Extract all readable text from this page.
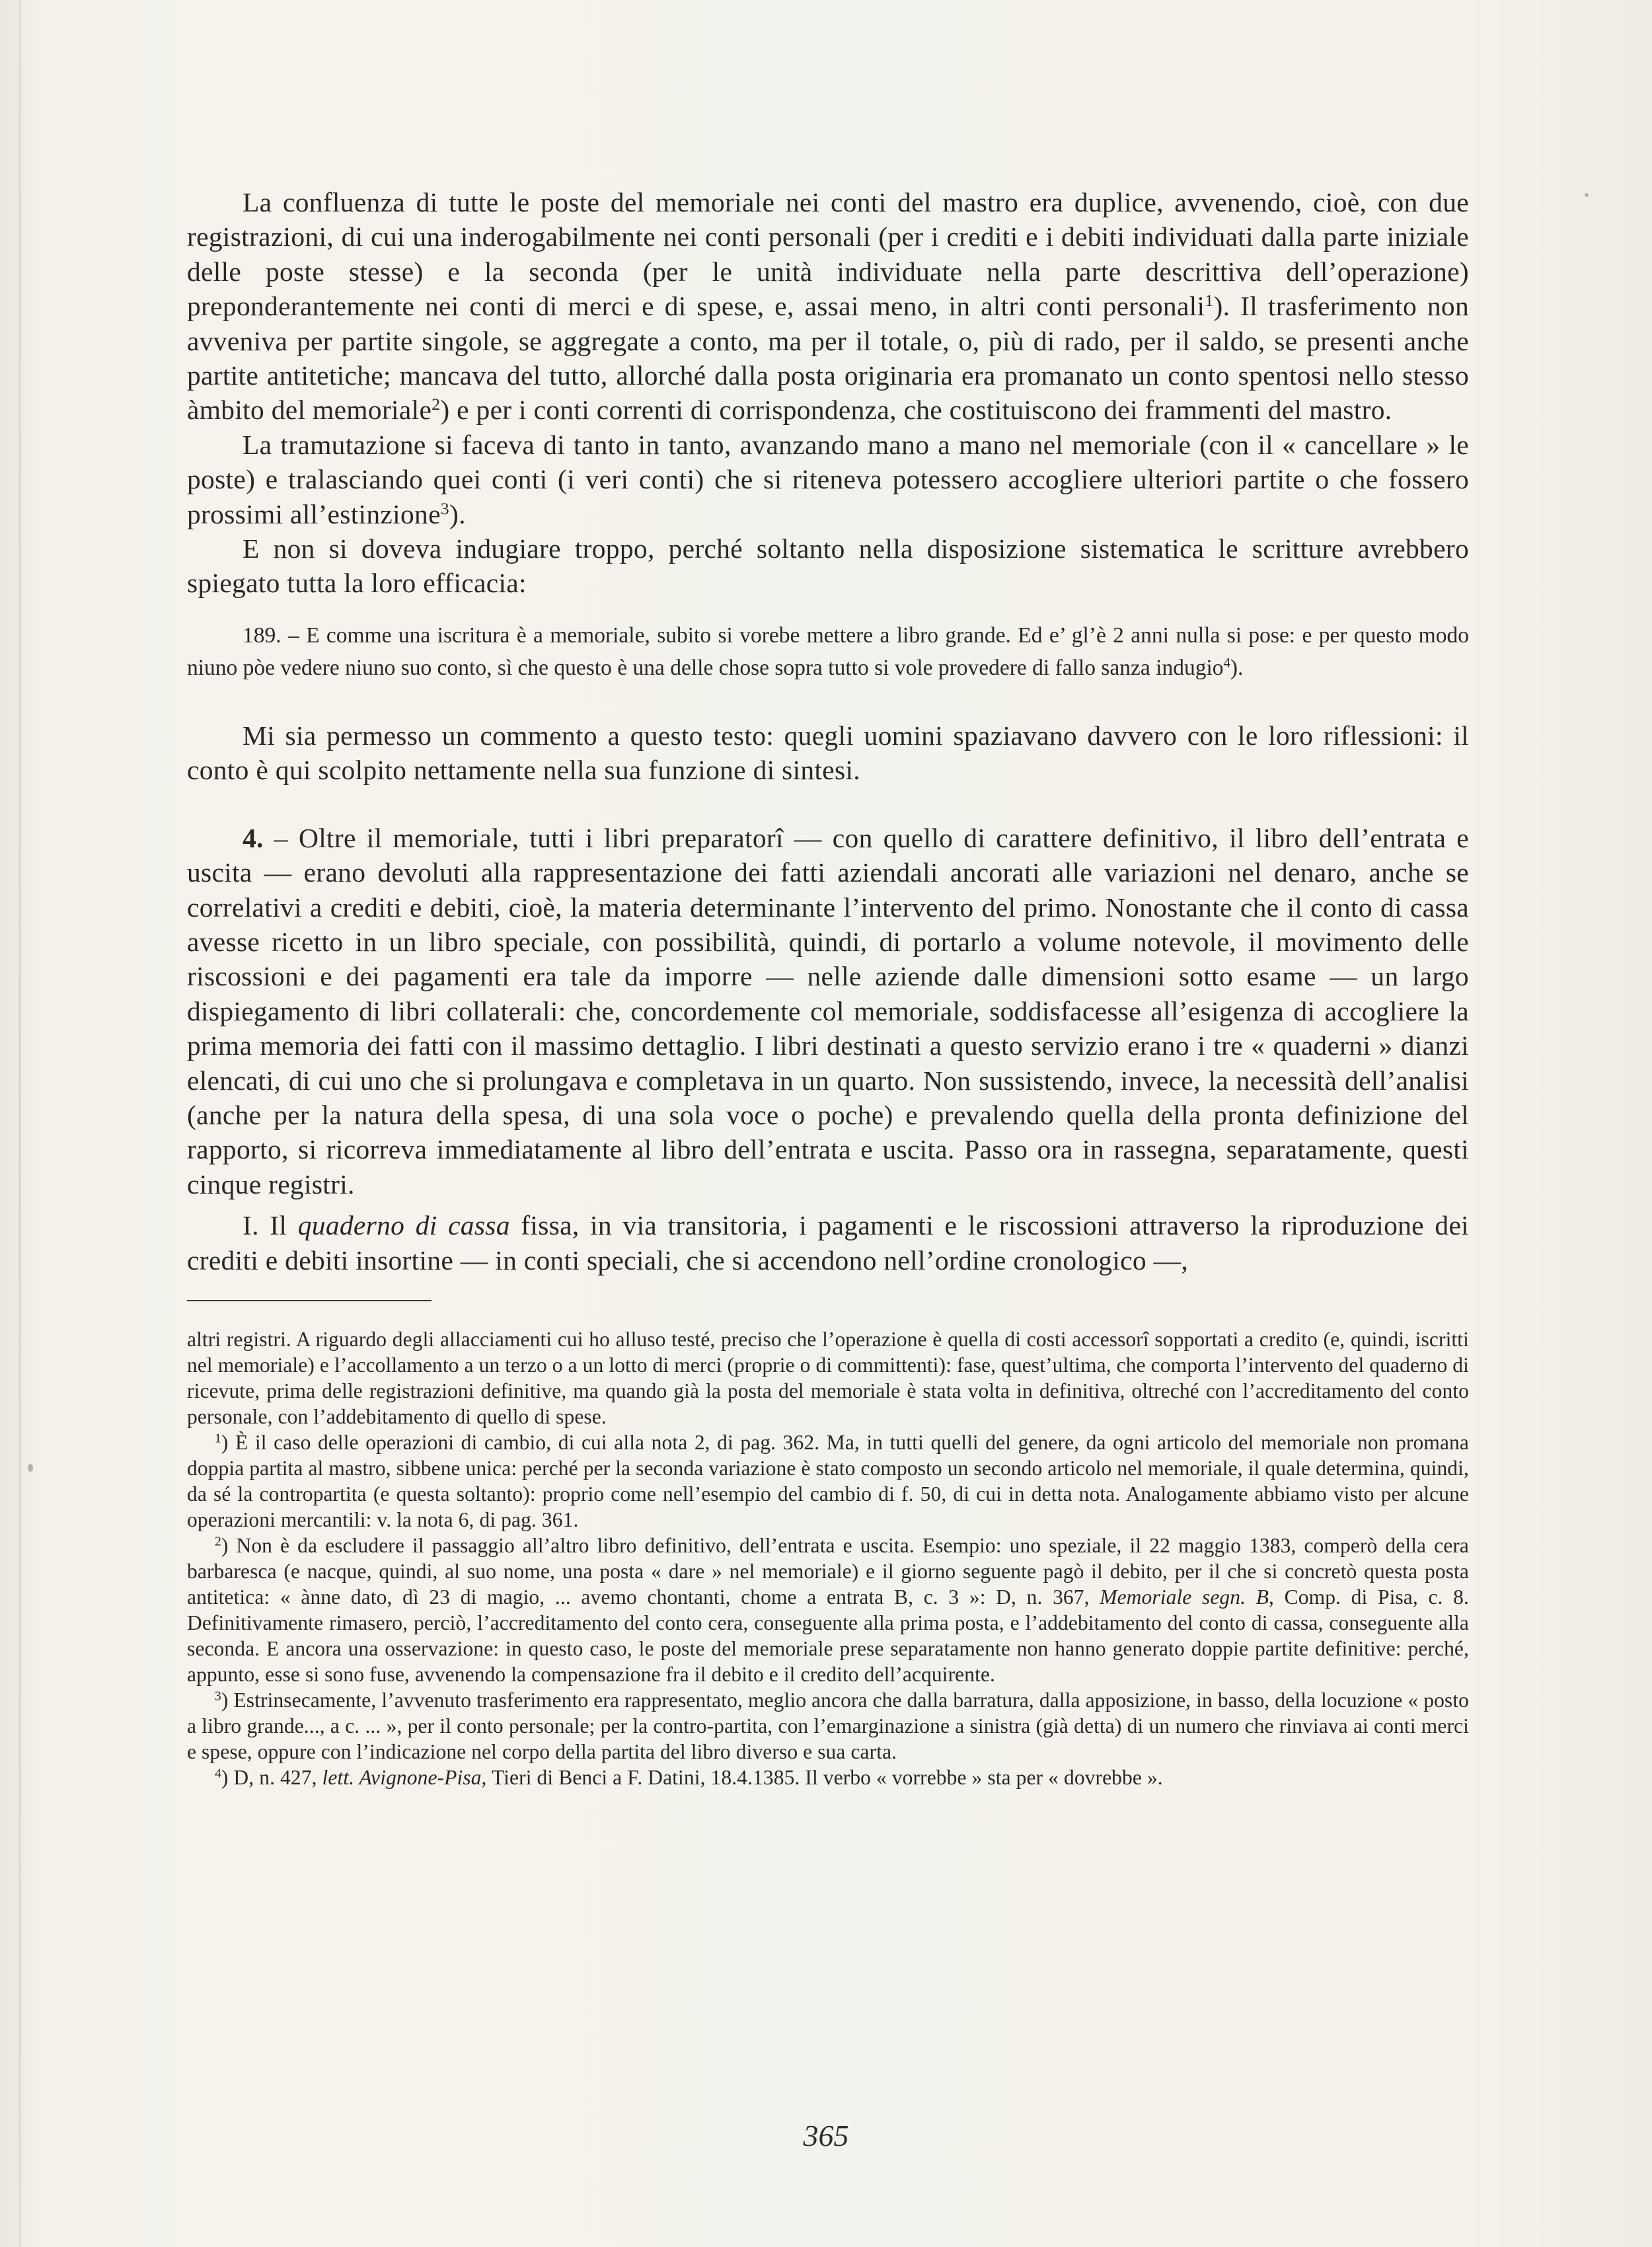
La confluenza di tutte le poste del memoriale nei conti del mastro era duplice, avvenendo, cioè, con due registrazioni, di cui una inderogabilmente nei conti personali (per i crediti e i debiti individuati dalla parte iniziale delle poste stesse) e la seconda (per le unità individuate nella parte descrittiva dell’operazione) preponderantemente nei conti di merci e di spese, e, assai meno, in altri conti personali$^1$). Il trasferimento non avveniva per partite singole, se aggregate a conto, ma per il totale, o, più di rado, per il saldo, se presenti anche partite antitetiche; mancava del tutto, allorché dalla posta originaria era promanato un conto spentosi nello stesso àmbito del memoriale$^2$) e per i conti correnti di corrispondenza, che costituiscono dei frammenti del mastro.

La tramutazione si faceva di tanto in tanto, avanzando mano a mano nel memoriale (con il « cancellare » le poste) e tralasciando quei conti (i veri conti) che si riteneva potessero accogliere ulteriori partite o che fossero prossimi all’estinzione$^3$).

E non si doveva indugiare troppo, perché soltanto nella disposizione sistematica le scritture avrebbero spiegato tutta la loro efficacia:

189. – E comme una iscritura è a memoriale, subito si vorebe mettere a libro grande. Ed e’ gl’è 2 anni nulla si pose: e per questo modo niuno pòe vedere niuno suo conto, sì che questo è una delle chose sopra tutto si vole provedere di fallo sanza indugio$^4$).

Mi sia permesso un commento a questo testo: quegli uomini spaziavano davvero con le loro riflessioni: il conto è qui scolpito nettamente nella sua funzione di sintesi.

4. – Oltre il memoriale, tutti i libri preparatorî — con quello di carattere definitivo, il libro dell’entrata e uscita — erano devoluti alla rappresentazione dei fatti aziendali ancorati alle variazioni nel denaro, anche se correlativi a crediti e debiti, cioè, la materia determinante l’intervento del primo. Nonostante che il conto di cassa avesse ricetto in un libro speciale, con possibilità, quindi, di portarlo a volume notevole, il movimento delle riscossioni e dei pagamenti era tale da imporre — nelle aziende dalle dimensioni sotto esame — un largo dispiegamento di libri collaterali: che, concordemente col memoriale, soddisfacesse all’esigenza di accogliere la prima memoria dei fatti con il massimo dettaglio. I libri destinati a questo servizio erano i tre « quaderni » dianzi elencati, di cui uno che si prolungava e completava in un quarto. Non sussistendo, invece, la necessità dell’analisi (anche per la natura della spesa, di una sola voce o poche) e prevalendo quella della pronta definizione del rapporto, si ricorreva immediatamente al libro dell’entrata e uscita. Passo ora in rassegna, separatamente, questi cinque registri.

I. Il quaderno di cassa fissa, in via transitoria, i pagamenti e le riscossioni attraverso la riproduzione dei crediti e debiti insortine — in conti speciali, che si accendono nell’ordine cronologico —,

altri registri. A riguardo degli allacciamenti cui ho alluso testé, preciso che l’operazione è quella di costi accessorî sopportati a credito (e, quindi, iscritti nel memoriale) e l’accollamento a un terzo o a un lotto di merci (proprie o di committenti): fase, quest’ultima, che comporta l’intervento del quaderno di ricevute, prima delle registrazioni definitive, ma quando già la posta del memoriale è stata volta in definitiva, oltreché con l’accreditamento del conto personale, con l’addebitamento di quello di spese.

$^1$) È il caso delle operazioni di cambio, di cui alla nota 2, di pag. 362. Ma, in tutti quelli del genere, da ogni articolo del memoriale non promana doppia partita al mastro, sibbene unica: perché per la seconda variazione è stato composto un secondo articolo nel memoriale, il quale determina, quindi, da sé la contropartita (e questa soltanto): proprio come nell’esempio del cambio di f. 50, di cui in detta nota. Analogamente abbiamo visto per alcune operazioni mercantili: v. la nota 6, di pag. 361.

$^2$) Non è da escludere il passaggio all’altro libro definitivo, dell’entrata e uscita. Esempio: uno speziale, il 22 maggio 1383, comperò della cera barbaresca (e nacque, quindi, al suo nome, una posta « dare » nel memoriale) e il giorno seguente pagò il debito, per il che si concretò questa posta antitetica: « ànne dato, dì 23 di magio, ... avemo chontanti, chome a entrata B, c. 3 »: D, n. 367, Memoriale segn. B, Comp. di Pisa, c. 8. Definitivamente rimasero, perciò, l’accreditamento del conto cera, conseguente alla prima posta, e l’addebitamento del conto di cassa, conseguente alla seconda. E ancora una osservazione: in questo caso, le poste del memoriale prese separatamente non hanno generato doppie partite definitive: perché, appunto, esse si sono fuse, avvenendo la compensazione fra il debito e il credito dell’acquirente.

$^3$) Estrinsecamente, l’avvenuto trasferimento era rappresentato, meglio ancora che dalla barratura, dalla apposizione, in basso, della locuzione « posto a libro grande..., a c. ... », per il conto personale; per la contro-partita, con l’emarginazione a sinistra (già detta) di un numero che rinviava ai conti merci e spese, oppure con l’indicazione nel corpo della partita del libro diverso e sua carta.

$^4$) D, n. 427, lett. Avignone-Pisa, Tieri di Benci a F. Datini, 18.4.1385. Il verbo « vorrebbe » sta per « dovrebbe ».

365
